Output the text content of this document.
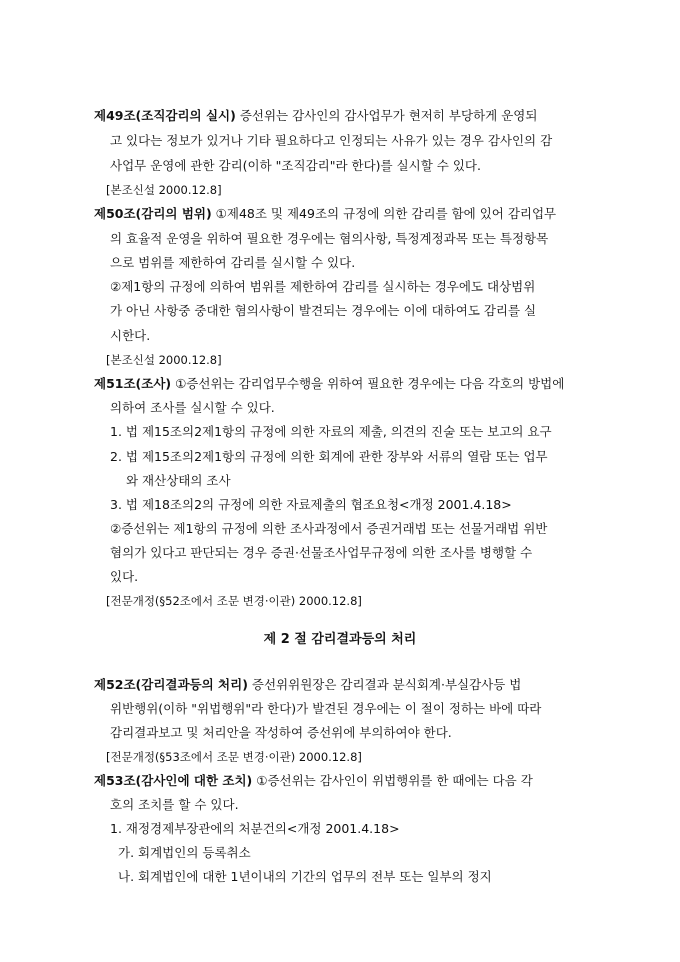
제49조(조직감리의 실시) 증선위는 감사인의 감사업무가 현저히 부당하게 운영되
고 있다는 정보가 있거나 기타 필요하다고 인정되는 사유가 있는 경우 감사인의 감
사업무 운영에 관한 감리(이하 "조직감리"라 한다)를 실시할 수 있다.
[본조신설 2000.12.8]
제50조(감리의 범위) ①제48조 및 제49조의 규정에 의한 감리를 함에 있어 감리업무
의 효율적 운영을 위하여 필요한 경우에는 혐의사항, 특정계정과목 또는 특정항목
으로 범위를 제한하여 감리를 실시할 수 있다.
②제1항의 규정에 의하여 범위를 제한하여 감리를 실시하는 경우에도 대상범위
가 아닌 사항중 중대한 혐의사항이 발견되는 경우에는 이에 대하여도 감리를 실
시한다.
[본조신설 2000.12.8]
제51조(조사) ①증선위는 감리업무수행을 위하여 필요한 경우에는 다음 각호의 방법에
의하여 조사를 실시할 수 있다.
1. 법 제15조의2제1항의 규정에 의한 자료의 제출, 의견의 진술 또는 보고의 요구
2. 법 제15조의2제1항의 규정에 의한 회계에 관한 장부와 서류의 열람 또는 업무
와 재산상태의 조사
3. 법 제18조의2의 규정에 의한 자료제출의 협조요청<개정 2001.4.18>
②증선위는 제1항의 규정에 의한 조사과정에서 증권거래법 또는 선물거래법 위반
혐의가 있다고 판단되는 경우 증권·선물조사업무규정에 의한 조사를 병행할 수
있다.
[전문개정(§52조에서 조문 변경·이관) 2000.12.8]
제 2 절 감리결과등의 처리
제52조(감리결과등의 처리) 증선위위원장은 감리결과 분식회계·부실감사등 법
위반행위(이하 "위법행위"라 한다)가 발견된 경우에는 이 절이 정하는 바에 따라
감리결과보고 및 처리안을 작성하여 증선위에 부의하여야 한다.
[전문개정(§53조에서 조문 변경·이관) 2000.12.8]
제53조(감사인에 대한 조치) ①증선위는 감사인이 위법행위를 한 때에는 다음 각
호의 조치를 할 수 있다.
1. 재정경제부장관에의 처분건의<개정 2001.4.18>
가. 회계법인의 등록취소
나. 회계법인에 대한 1년이내의 기간의 업무의 전부 또는 일부의 정지
